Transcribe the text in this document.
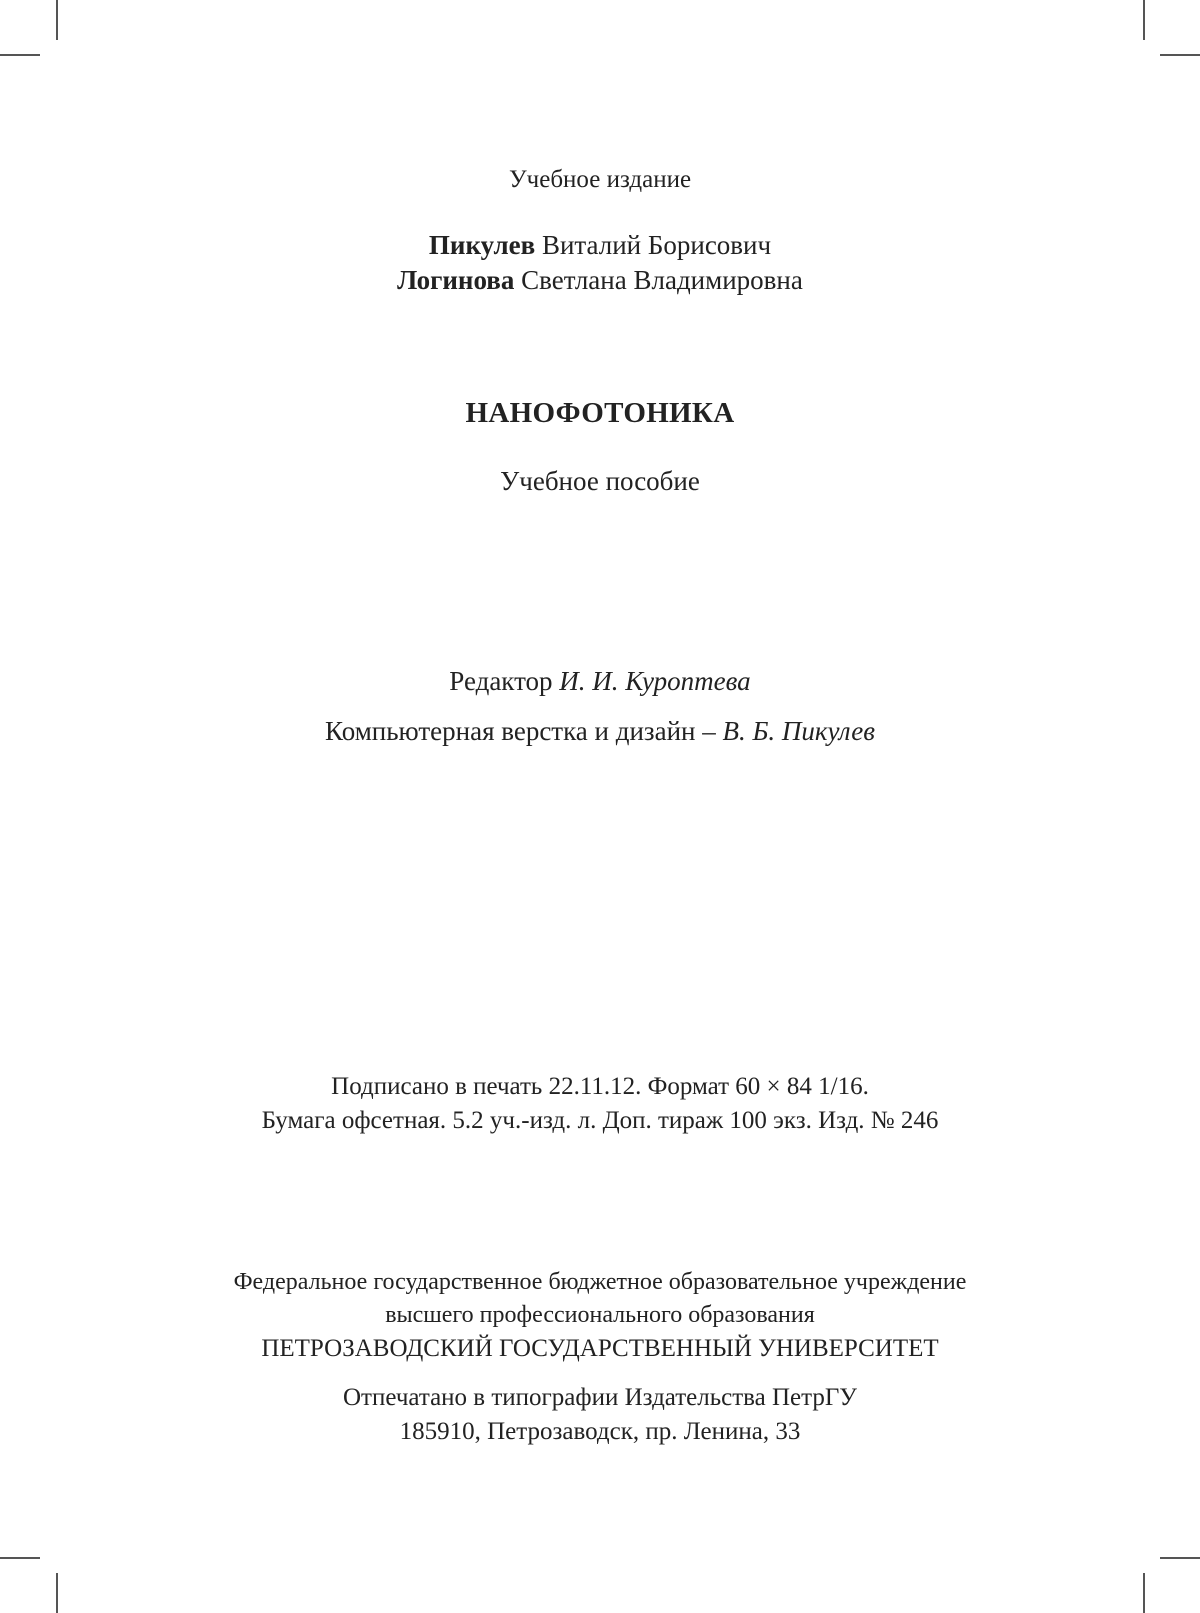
Учебное издание
Пикулев Виталий Борисович
Логинова Светлана Владимировна
НАНОФОТОНИКА
Учебное пособие
Редактор И. И. Куроптева
Компьютерная верстка и дизайн – В. Б. Пикулев
Подписано в печать 22.11.12. Формат 60 × 84 1/16.
Бумага офсетная. 5.2 уч.-изд. л. Доп. тираж 100 экз. Изд. № 246
Федеральное государственное бюджетное образовательное учреждение
высшего профессионального образования
ПЕТРОЗАВОДСКИЙ ГОСУДАРСТВЕННЫЙ УНИВЕРСИТЕТ
Отпечатано в типографии Издательства ПетрГУ
185910, Петрозаводск, пр. Ленина, 33
